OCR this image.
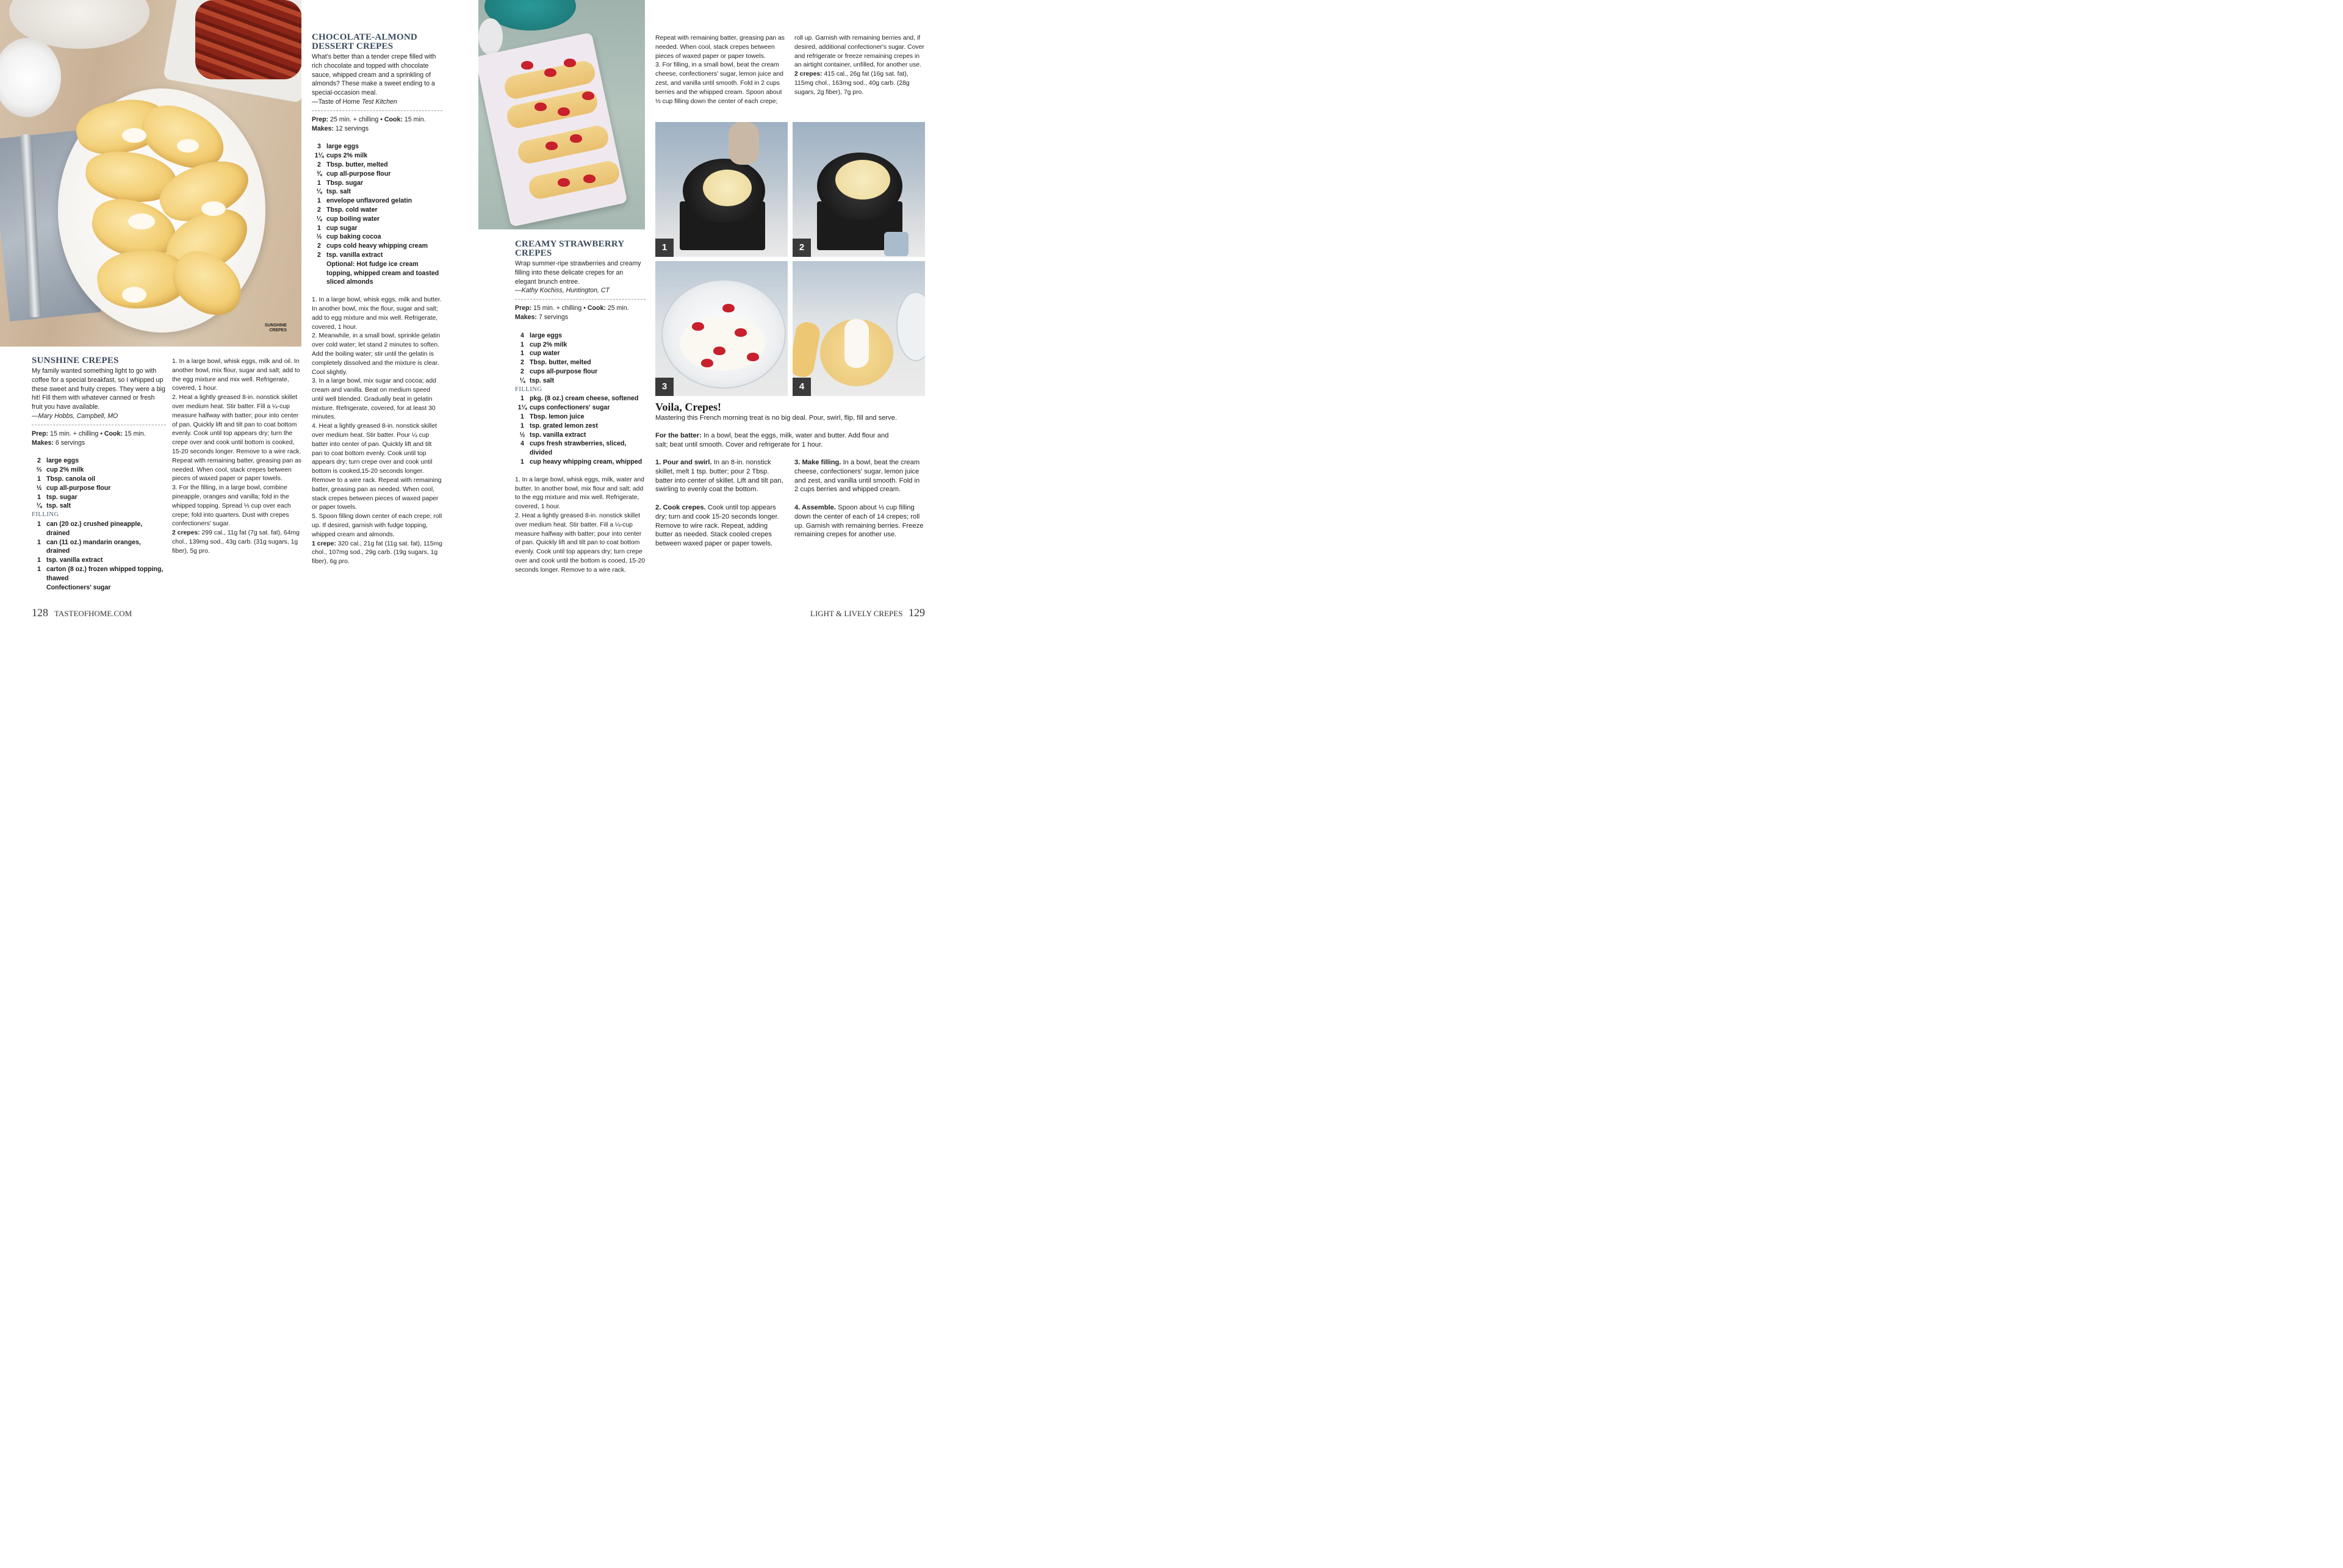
SUNSHINE CREPES
SUNSHINE CREPES
My family wanted something light to go with coffee for a special breakfast, so I whipped up these sweet and fruity crepes. They were a big hit! Fill them with whatever canned or fresh fruit you have available.
—Mary Hobbs, Campbell, MO
Prep: 15 min. + chilling • Cook: 15 min.
Makes: 6 servings
2 large eggs
⅔ cup 2% milk
1 Tbsp. canola oil
½ cup all-purpose flour
1 tsp. sugar
¼ tsp. salt
FILLING
1 can (20 oz.) crushed pineapple, drained
1 can (11 oz.) mandarin oranges, drained
1 tsp. vanilla extract
1 carton (8 oz.) frozen whipped topping, thawed
Confectioners' sugar

1. In a large bowl, whisk eggs, milk and oil. In another bowl, mix flour, sugar and salt; add to the egg mixture and mix well. Refrigerate, covered, 1 hour.

2. Heat a lightly greased 8-in. nonstick skillet over medium heat. Stir batter. Fill a ¼-cup measure halfway with batter; pour into center of pan. Quickly lift and tilt pan to coat bottom evenly. Cook until top appears dry; turn the crepe over and cook until bottom is cooked, 15-20 seconds longer. Remove to a wire rack. Repeat with remaining batter, greasing pan as needed. When cool, stack crepes between pieces of waxed paper or paper towels.

3. For the filling, in a large bowl, combine pineapple, oranges and vanilla; fold in the whipped topping. Spread ⅓ cup over each crepe; fold into quarters. Dust with crepes confectioners' sugar.

2 crepes: 299 cal., 11g fat (7g sat. fat), 64mg chol., 139mg sod., 43g carb. (31g sugars, 1g fiber), 5g pro.

CHOCOLATE-ALMOND
DESSERT CREPES
What's better than a tender crepe filled with rich chocolate and topped with chocolate sauce, whipped cream and a sprinkling of almonds? These make a sweet ending to a special-occasion meal.
—Taste of Home Test Kitchen
Prep: 25 min. + chilling • Cook: 15 min.
Makes: 12 servings
3 large eggs
1¼ cups 2% milk
2 Tbsp. butter, melted
¾ cup all-purpose flour
1 Tbsp. sugar
¼ tsp. salt
1 envelope unflavored gelatin
2 Tbsp. cold water
¼ cup boiling water
1 cup sugar
½ cup baking cocoa
2 cups cold heavy whipping cream
2 tsp. vanilla extract
Optional: Hot fudge ice cream topping, whipped cream and toasted sliced almonds

1. In a large bowl, whisk eggs, milk and butter. In another bowl, mix the flour, sugar and salt; add to egg mixture and mix well. Refrigerate, covered, 1 hour.

2. Meanwhile, in a small bowl, sprinkle gelatin over cold water; let stand 2 minutes to soften. Add the boiling water; stir until the gelatin is completely dissolved and the mixture is clear. Cool slightly.

3. In a large bowl, mix sugar and cocoa; add cream and vanilla. Beat on medium speed until well blended. Gradually beat in gelatin mixture. Refrigerate, covered, for at least 30 minutes.

4. Heat a lightly greased 8-in. nonstick skillet over medium heat. Stir batter. Pour ¼ cup batter into center of pan. Quickly lift and tilt pan to coat bottom evenly. Cook until top appears dry; turn crepe over and cook until bottom is cooked,15-20 seconds longer. Remove to a wire rack. Repeat with remaining batter, greasing pan as needed. When cool, stack crepes between pieces of waxed paper or paper towels.

5. Spoon filling down center of each crepe; roll up. If desired, garnish with fudge topping, whipped cream and almonds.

1 crepe: 320 cal., 21g fat (11g sat. fat), 115mg chol., 107mg sod., 29g carb. (19g sugars, 1g fiber), 6g pro.

128 TASTEOFHOME.COM
CREAMY STRAWBERRY
CREPES
Wrap summer-ripe strawberries and creamy filling into these delicate crepes for an elegant brunch entree.
—Kathy Kochiss, Huntington, CT
Prep: 15 min. + chilling • Cook: 25 min.
Makes: 7 servings
4 large eggs
1 cup 2% milk
1 cup water
2 Tbsp. butter, melted
2 cups all-purpose flour
¼ tsp. salt
FILLING
1 pkg. (8 oz.) cream cheese, softened
1¼ cups confectioners' sugar
1 Tbsp. lemon juice
1 tsp. grated lemon zest
½ tsp. vanilla extract
4 cups fresh strawberries, sliced, divided
1 cup heavy whipping cream, whipped

1. In a large bowl, whisk eggs, milk, water and butter. In another bowl, mix flour and salt; add to the egg mixture and mix well. Refrigerate, covered, 1 hour.

2. Heat a lightly greased 8-in. nonstick skillet over medium heat. Stir batter. Fill a ¼-cup measure halfway with batter; pour into center of pan. Quickly lift and tilt pan to coat bottom evenly. Cook until top appears dry; turn crepe over and cook until the bottom is cooed, 15-20 seconds longer. Remove to a wire rack.

Repeat with remaining batter, greasing pan as needed. When cool, stack crepes between pieces of waxed paper or paper towels.

3. For filling, in a small bowl, beat the cream cheese, confectioners' sugar, lemon juice and zest, and vanilla until smooth. Fold in 2 cups berries and the whipped cream. Spoon about ⅓ cup filling down the center of each crepe;

roll up. Garnish with remaining berries and, if desired, additional confectioner's sugar. Cover and refrigerate or freeze remaining crepes in an airtight container, unfilled, for another use.

2 crepes: 415 cal., 26g fat (16g sat. fat), 115mg chol., 163mg sod., 40g carb. (28g sugars, 2g fiber), 7g pro.

1	2
3	4
Voila, Crepes!
Mastering this French morning treat is no big deal. Pour, swirl, flip, fill and serve.
For the batter: In a bowl, beat the eggs, milk, water and butter. Add flour and salt; beat until smooth. Cover and refrigerate for 1 hour.
1. Pour and swirl. In an 8-in. nonstick skillet, melt 1 tsp. butter; pour 2 Tbsp. batter into center of skillet. Lift and tilt pan, swirling to evenly coat the bottom.
2. Cook crepes. Cook until top appears dry; turn and cook 15-20 seconds longer. Remove to wire rack. Repeat, adding butter as needed. Stack cooled crepes between waxed paper or paper towels.
3. Make filling. In a bowl, beat the cream cheese, confectioners' sugar, lemon juice and zest, and vanilla until smooth. Fold in 2 cups berries and whipped cream.
4. Assemble. Spoon about ⅓ cup filling down the center of each of 14 crepes; roll up. Garnish with remaining berries. Freeze remaining crepes for another use.
LIGHT & LIVELY CREPES 129
